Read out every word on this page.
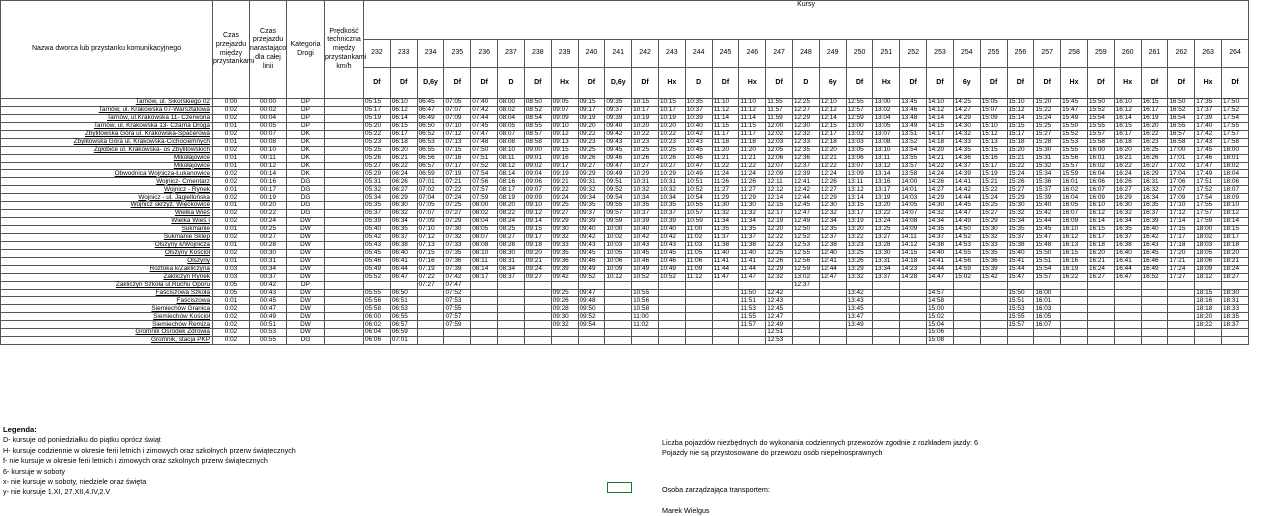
Nazwa dworca lub przystanku komunikacyjnego	Czas przejazdu między przystankami	Czas przejazdu narastająco dla całej linii	Kategoria Drogi	Prędkość techniczna między przystankami km/h	Kursy																																
					232	233	234	235	236	237	238	239	240	241	242	243	244	245	246	247	248	249	250	251	252	253	254	255	256	257	258	259	260	261	262	263	264
					Df	Df	D,6y	Df	Df	D	Df	Hx	Df	D,6y	Df	Hx	D	Df	Hx	Df	D	6y	Df	Hx	Df	Df	6y	Df	Df	Df	Hx	Df	Hx	Df	Df	Hx	Df
Tarnów, ul. Sikorskiego 02	0:00	00:00	DP		05:15	06:10	06:45	07:05	07:40	08:00	08:50	09:05	09:15	09:35	10:15	10:15	10:35	11:10	11:10	11:55	12:25	12:10	12:55	13:00	13:45	14:10	14:25	15:05	15:10	15:20	15:45	15:50	16:10	16:15	16:50	17:35	17:50
Tarnów, ul. Krakowska 07-Warsztatowa	0:02	00:02	DP		05:17	06:12	06:47	07:07	07:42	08:02	08:52	09:07	09:17	09:37	10:17	10:17	10:37	11:12	11:12	11:57	12:27	12:12	12:57	13:02	13:46	14:12	14:27	15:07	15:12	15:22	15:47	15:52	16:12	16:17	16:52	17:37	17:52
Tarnów, ul.Krakowska 11- Czerwona	0:02	00:04	DP		05:19	06:14	06:49	07:09	07:44	08:04	08:54	09:09	09:19	09:39	10:19	10:19	10:39	11:14	11:14	11:59	12:29	12:14	12:59	13:04	13:48	14:14	14:29	15:09	15:14	15:24	15:49	15:54	16:14	16:19	16:54	17:39	17:54
Tarnów, ul. Krakowska 13- Czarna Droga	0:01	00:05	DP		05:20	06:15	06:50	07:10	07:45	08:05	08:55	09:10	09:20	09:40	10:20	10:20	10:40	11:15	11:15	12:00	12:30	12:15	13:00	13:05	13:49	14:15	14:30	15:10	15:15	15:25	15:50	15:55	16:15	16:20	16:55	17:40	17:55
Zbylitowska Góra ul. Krakowska-Spacerowa	0:02	00:07	DK		05:22	06:17	06:52	07:12	07:47	08:07	08:57	09:12	09:22	09:42	10:22	10:22	10:42	11:17	11:17	12:02	12:32	12:17	13:02	13:07	13:51	14:17	14:32	15:12	15:17	15:27	15:52	15:57	16:17	16:22	16:57	17:42	17:57
Zbylitowska Góra ul. Krakowska-Cichociemnych	0:01	00:08	DK		05:23	06:18	06:53	07:13	07:48	08:08	08:58	09:13	09:23	09:43	10:23	10:23	10:43	11:18	11:18	12:03	12:33	12:18	13:03	13:08	13:52	14:18	14:33	15:13	15:18	15:28	15:53	15:58	16:18	16:23	16:58	17:43	17:58
Zgłobice ul. Krakowska- os Zbylitowskich	0:02	00:10	DK		05:25	06:20	06:55	07:15	07:50	08:10	09:00	09:15	09:25	09:45	10:25	10:25	10:45	11:20	11:20	12:05	12:35	12:20	13:05	13:10	13:54	14:20	14:35	15:15	15:20	15:30	15:55	16:00	16:20	16:25	17:00	17:45	18:00
Mikołajowice	0:01	00:11	DK		05:26	06:21	06:56	07:16	07:51	08:11	09:01	09:16	09:26	09:46	10:26	10:26	10:46	11:21	11:21	12:06	12:36	12:21	13:06	13:11	13:55	14:21	14:36	15:16	15:21	15:31	15:56	16:01	16:21	16:26	17:01	17:46	18:01
Mikołajowice	0:01	00:12	DK		05:27	06:22	06:57	07:17	07:52	08:12	09:02	09:17	09:27	09:47	10:27	10:27	10:47	11:22	11:22	12:07	12:37	12:22	13:07	13:12	13:57	14:22	14:37	15:17	15:22	15:32	15:57	16:02	16:22	16:27	17:02	17:47	18:02
Obwodnica Wojnicza-Łukanowice	0:02	00:14	DK		05:29	06:24	06:59	07:19	07:54	08:14	09:04	09:19	09:29	09:49	10:29	10:29	10:49	11:24	11:24	12:09	12:39	12:24	13:09	13:14	13:58	14:24	14:39	15:19	15:24	15:34	15:59	16:04	16:24	16:29	17:04	17:49	18:04
Wojnicz- Cmentarz	0:02	00:16	DG		05:31	06:26	07:01	07:21	07:56	08:16	09:06	09:21	09:31	09:51	10:31	10:31	10:51	11:26	11:26	12:11	12:41	12:26	13:11	13:16	14:00	14:26	14:41	15:21	15:26	15:36	16:01	16:06	16:26	16:31	17:06	17:51	18:06
Wojnicz - Rynek	0:01	00:17	DG		05:32	06:27	07:02	07:22	07:57	08:17	09:07	09:22	09:32	09:52	10:32	10:32	10:52	11:27	11:27	12:12	12:42	12:27	13:12	13:17	14:01	14:27	14:42	15:22	15:27	15:37	16:02	16:07	16:27	16:32	17:07	17:52	18:07
Wojnicz - ul. Jagiellońska	0:02	00:19	DG		05:34	06:29	07:04	07:24	07:59	08:19	09:09	09:24	09:34	09:54	10:34	10:34	10:54	11:29	11:29	12:14	12:44	12:29	13:14	13:19	14:03	14:29	14:44	15:24	15:29	15:39	16:04	16:09	16:29	16:34	17:09	17:54	18:09
Wojnicz skrzyż. Więckowice	0:01	00:20	DG		05:35	06:30	07:05	07:25	08:00	08:20	09:10	09:25	09:35	09:55	10:35	10:35	10:55	11:30	11:30	12:15	12:45	12:30	13:15	13:20	14:05	14:30	14:45	15:25	15:30	15:40	16:05	16:10	16:30	16:35	17:10	17:55	18:10
Wielka Wieś	0:02	00:22	DG		05:37	06:32	07:07	07:27	08:02	08:22	09:12	09:27	09:37	09:57	10:37	10:37	10:57	11:32	11:32	12:17	12:47	12:32	13:17	13:22	14:07	14:32	14:47	15:27	15:32	15:42	16:07	16:12	16:32	16:37	17:12	17:57	18:12
Wielka Wieś I	0:02	00:24	DW		05:39	06:34	07:09	07:29	08:04	08:24	09:14	09:29	09:39	09:59	10:39	10:39	10:59	11:34	11:34	12:19	12:49	12:34	13:19	13:24	14:08	14:34	14:49	15:29	15:34	15:44	16:09	16:14	16:34	16:39	17:14	17:59	18:14
Sukmanie	0:01	00:25	DW		05:40	06:35	07:10	07:30	08:05	08:25	09:15	09:30	09:40	10:00	10:40	10:40	11:00	11:35	11:35	12:20	12:50	12:35	13:20	13:25	14:09	14:35	14:50	15:30	15:35	15:45	16:10	16:15	16:35	16:40	17:15	18:00	18:15
Sukmanie Sklep	0:02	00:27	DW		05:42	06:37	07:12	07:32	08:07	08:27	09:17	09:32	09:42	10:02	10:42	10:42	11:02	11:37	11:37	12:22	12:52	12:37	13:22	13:27	14:11	14:37	14:52	15:32	15:37	15:47	16:12	16:17	16:37	16:42	17:17	18:02	18:17
Olszyny k/Wojnicza	0:01	00:28	DW		05:43	06:38	07:13	07:33	08:08	08:28	09:18	09:33	09:43	10:03	10:43	10:43	11:03	11:38	11:38	12:23	12:53	12:38	13:23	13:28	14:12	14:38	14:53	15:33	15:38	15:48	16:13	16:18	16:38	16:43	17:18	18:03	18:18
Olszyny Kościół	0:02	00:30	DW		05:45	06:40	07:15	07:35	08:10	08:30	09:20	09:35	09:45	10:05	10:45	10:45	11:05	11:40	11:40	12:25	12:55	12:40	13:25	13:30	14:15	14:40	14:55	15:35	15:40	15:50	16:15	16:20	16:40	16:45	17:20	18:05	18:20
Olszyny	0:01	00:31	DW		05:46	06:41	07:16	07:36	08:11	08:31	09:21	09:36	09:46	10:06	10:46	10:46	11:06	11:41	11:41	12:26	12:56	12:41	13:26	13:31	14:18	14:41	14:56	15:36	15:41	15:51	16:16	16:21	16:41	16:46	17:21	18:06	18:21
Roztoka k/Zakliczyna	0:03	00:34	DW		05:49	06:44	07:19	07:39	08:14	08:34	09:24	09:39	09:49	10:09	10:49	10:49	11:09	11:44	11:44	12:29	12:59	12:44	13:29	13:34	14:23	14:44	14:59	15:39	15:44	15:54	16:19	16:24	16:44	16:49	17:24	18:09	18:24
Zakliczyn Rynek	0:03	00:37	DW		05:52	06:47	07:22	07:42	08:17	08:37	09:27	09:42	09:52	10:12	10:52	10:52	11:12	11:47	11:47	12:32	13:02	12:47	13:32	13:37	14:28	14:47	15:02	15:42	15:47	15:57	16:22	16:27	16:47	16:52	17:27	18:12	18:27
Zakliczyn Szkoła ul.Ruchu Oporu	0:05	00:42	DP				07:27	07:47													12:37																
Faściszowa Szkoła	0:05	00:43	DW		05:55	06:50		07:52				09:25	09:47		10:55				11:50	12:42			13:42			14:57			15:50	16:00						18:15	18:30
Faściszowa	0:01	00:45	DW		05:56	06:51		07:53				09:26	09:48		10:56				11:51	12:43			13:43			14:58			15:51	16:01						18:16	18:31
Siemiechów Granica	0:02	00:47	DW		05:58	06:53		07:55				09:28	09:50		10:58				11:53	12:45			13:45			15:00			15:53	16:03						18:18	18:33
Siemiechów Kościół	0:02	00:49	DW		06:00	06:55		07:57				09:30	09:52		11:00				11:55	12:47			13:47			15:02			15:55	16:05						18:20	18:35
Siemiechów Remiza	0:02	00:51	DW		06:02	06:57		07:59				09:32	09:54		11:02				11:57	12:49			13:49			15:04			15:57	16:07						18:22	18:37
Gromnik Ośrodek Zdrowia	0:02	00:53	DW		06:04	06:59														12:51						15:06											
Gromnik, stacja PKP	0:02	00:55	DG		06:06	07:01														12:53						15:08											
Legenda:
D- kursuje od poniedziałku do piątku oprócz świąt
H- kursuje codziennie w okresie ferii letnich i zimowych oraz szkolnych przerw świątecznych
f- nie kursuje w okresie ferii letnich i zimowych oraz szkolnych przerw świątecznych
6- kursuje w soboty
x- nie kursuje w soboty, niedziele oraz święta
y- nie kursuje 1.XI, 27.XII,4.IV,2.V
Liczba pojazdów niezbędnych do wykonania codziennych przewozów zgodnie z rozkładem jazdy: 6
Pojazdy nie są przystosowane do przewozu osób niepełnosprawnych
Osoba zarządzająca transportem:
Marek Wielgus
